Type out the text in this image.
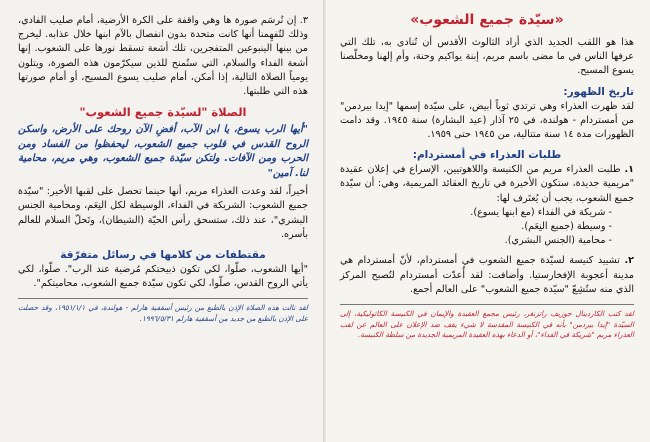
٣. إن تُرسَم صورة ها وهي واقفة على الكرة الأرضية، أمام صليب الفادي، وذلك لتُفهِمنا أنها كانت متحدة بدون انفصال بالآم ابنها خلال عذابه. ليخرج من بينها الينبوعين المتفجرين، تلك أشعة تسقط نورها على الشعوب. إنها أشعة الفداء والسلام، التي ستُمنح للذين سيكرّمون هذه الصورة، ويتلون يومياً الصلاة التالية، إذا أمكن، أمام صليب يسوع المسيح، أو أمام صورتها هذه التي طلبتها.

الصلاة "لسيّدة جميع الشعوب"

"أيها الرب يسوع، يا ابن الآب، أفضِ الآن روحك على الأرض، واسكن الروح القدس في قلوب جميع الشعوب، ليحفظوا من الفساد ومن الحرب ومن الآفات. ولتكن سيّدة جميع الشعوب، وهي مريم، محامية لنا. آمين"

أخيراً، لقد وعدت العذراء مريم، أنها حينما تحصل على لقبها الأخير: "سيّدة جميع الشعوب: الشريكة في الفداء، الوسيطة لكل النِعَم، ومحامية الجنس البشري"، عند ذلك، ستسحق رأس الحيّة (الشيطان)، وتَحلّ السلام للعالم بأسره.

مقتطفات من كلامها في رسائل متفرّقة

"أيها الشعوب، صلّوا، لكي تكون ذبيحتكم مُرضية عند الرب". صلّوا، لكي يأتي الروح القدس، صلّوا، لكي تكون سيّدة جميع الشعوب، محاميتكم".

لقد نالت هذه الصلاة الإذن بالطبع من رئيس أسقفية هارلم - هولندة، في ١٩٥١/١/١، وقد حصلت على الإذن بالطبع من جديد من أسقفية هارلم ١٩٩٦/٥/٣١.

«سيّدة جميع الشعوب»

هذا هو اللقب الجديد الذي أراد الثالوث الأقدس أن تُنادى به، تلك التي عرفها الناس في ما مضى باسم مريم، إبنة يواكيم وحنة، وأم إلهنا ومخلّصنا يسوع المسيح.

تاريخ الظهور:

لقد ظهرت العذراء وهي ترتدي ثوباً أبيض، على سيّدة إسمها "إيدا بيردمن" من أمستردام - هولندة، في ٢٥ آذار (عيد البشارة) سنة ١٩٤٥. وقد دامت الظهورات مدة ١٤ سنة متتالية، من ١٩٤٥ حتى ١٩٥٩.

طلبات العذراء في أمستردام:

١. طلبت العذراء مريم من الكنيسة واللاهوتيين، الإسراع في إعلان عقيدة "مريمية جديدة، ستكون الأخيرة في تاريخ العقائد المريمية، وهي: أن سيّدة جميع الشعوب، يجب أن يُعتَرف لها:

- شريكة في الفداء (مع ابنها يسوع).
- وسيطة (جميع النِعَم).
- محامية (الجنس البشري).

٢. تشييد كنيسة لسيّدة جميع الشعوب في أمستردام، لأنّ أمستردام هي مدينة أعجوبة الإفخارستيا. وأضافت: لقد أُعدّت أمستردام لتُصبح المركز الذي منه ستُشِعّ "سيّدة جميع الشعوب" على العالم أجمع.

لقد كتب الكاردينال جوزيف راتزنغر، رئيس مجمع العقيدة والإيمان في الكنيسة الكاثوليكية، إلى السيّدة "إيدا بيردمن" بأنه في الكنيسة المقدسة لا شيء يقف ضد الإعلان على العالم عن لقب العذراء مريم "شريكة في الفداء"، أو الدعاء بهذه العقيدة المريمية الجديدة من سلطة الكنيسة.
